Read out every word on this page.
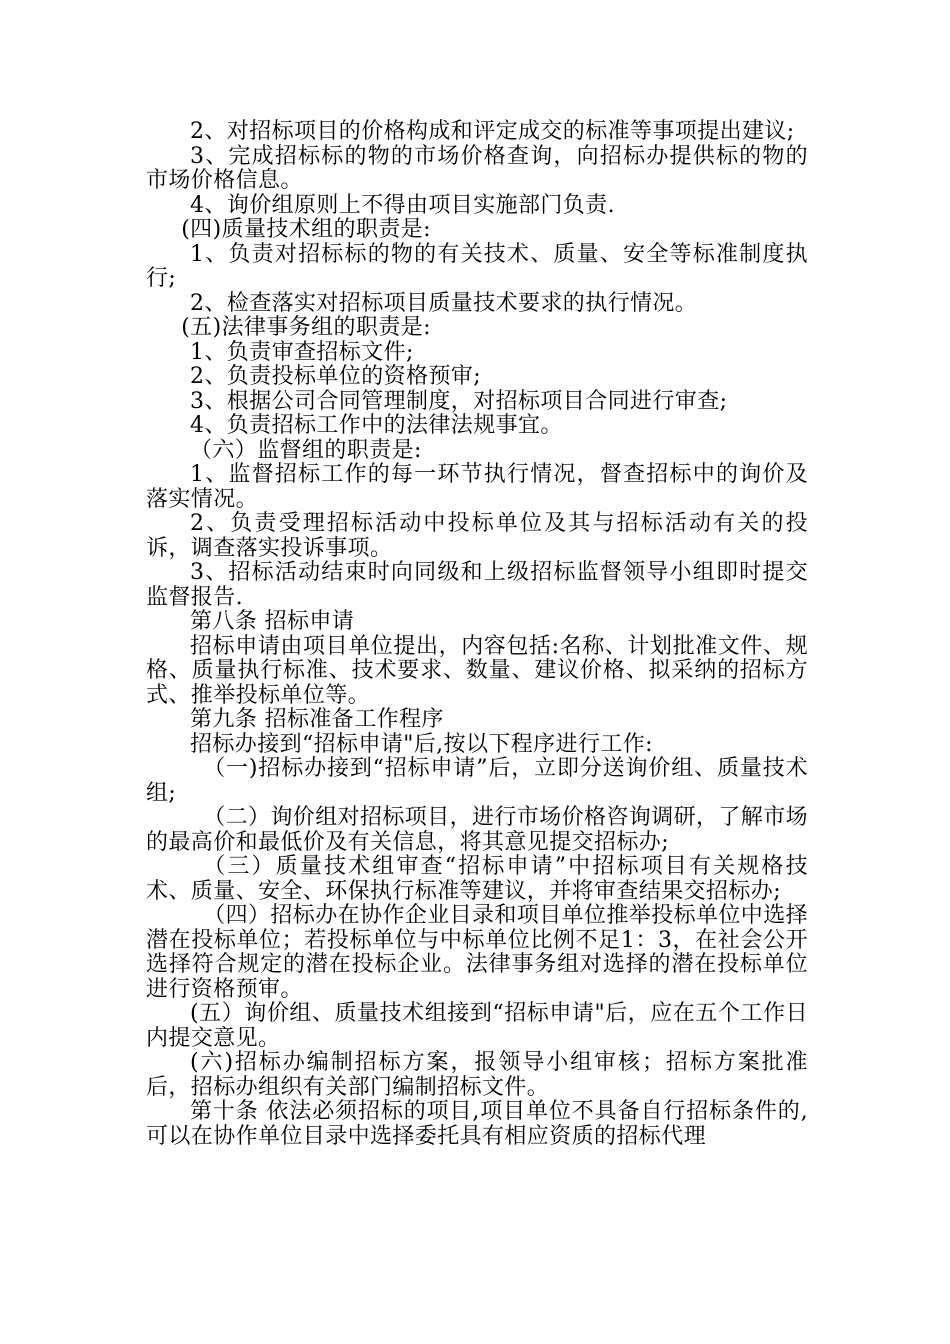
2、对招标项目的价格构成和评定成交的标准等事项提出建议;

3、完成招标标的物的市场价格查询，向招标办提供标的物的市场价格信息。

4、询价组原则上不得由项目实施部门负责.

(四)质量技术组的职责是:

1、负责对招标标的物的有关技术、质量、安全等标准制度执行;

2、检查落实对招标项目质量技术要求的执行情况。

(五)法律事务组的职责是:

1、负责审查招标文件;

2、负责投标单位的资格预审;

3、根据公司合同管理制度，对招标项目合同进行审查;

4、负责招标工作中的法律法规事宜。

（六）监督组的职责是:

1、监督招标工作的每一环节执行情况，督查招标中的询价及落实情况。

2、负责受理招标活动中投标单位及其与招标活动有关的投诉，调查落实投诉事项。

3、招标活动结束时向同级和上级招标监督领导小组即时提交监督报告.

第八条 招标申请

招标申请由项目单位提出，内容包括:名称、计划批准文件、规格、质量执行标准、技术要求、数量、建议价格、拟采纳的招标方式、推举投标单位等。

第九条 招标准备工作程序

招标办接到“招标申请"后,按以下程序进行工作:

（一)招标办接到“招标申请”后，立即分送询价组、质量技术组;

（二）询价组对招标项目，进行市场价格咨询调研，了解市场的最高价和最低价及有关信息，将其意见提交招标办;

（三）质量技术组审查“招标申请”中招标项目有关规格技术、质量、安全、环保执行标准等建议，并将审查结果交招标办;

（四）招标办在协作企业目录和项目单位推举投标单位中选择潜在投标单位；若投标单位与中标单位比例不足1：3，在社会公开选择符合规定的潜在投标企业。法律事务组对选择的潜在投标单位进行资格预审。

(五）询价组、质量技术组接到“招标申请"后，应在五个工作日内提交意见。

(六)招标办编制招标方案，报领导小组审核；招标方案批准后，招标办组织有关部门编制招标文件。

第十条 依法必须招标的项目,项目单位不具备自行招标条件的,可以在协作单位目录中选择委托具有相应资质的招标代理
